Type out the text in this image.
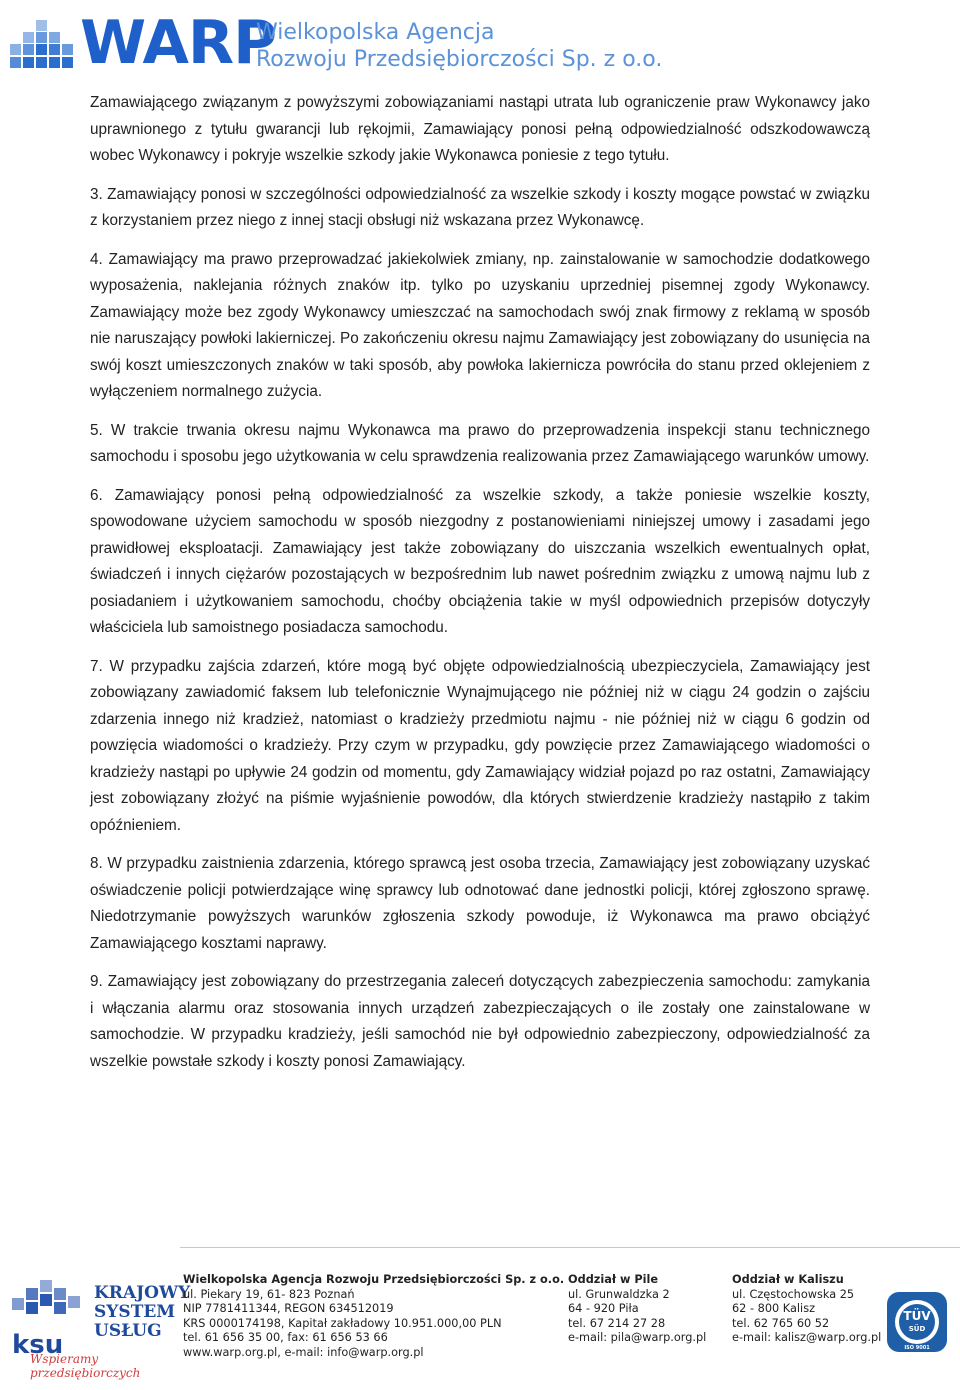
WARP
Wielkopolska Agencja
Rozwoju Przedsiębiorczości Sp. z o.o.

Zamawiającego związanym z powyższymi zobowiązaniami nastąpi utrata lub ograniczenie praw Wykonawcy jako uprawnionego z tytułu gwarancji lub rękojmii, Zamawiający ponosi pełną odpowiedzialność odszkodowawczą wobec Wykonawcy i pokryje wszelkie szkody jakie Wykonawca poniesie z tego tytułu.

3. Zamawiający ponosi w szczególności odpowiedzialność za wszelkie szkody i koszty mogące powstać w związku z korzystaniem przez niego z innej stacji obsługi niż wskazana przez Wykonawcę.

4. Zamawiający ma prawo przeprowadzać jakiekolwiek zmiany, np. zainstalowanie w samochodzie dodatkowego wyposażenia, naklejania różnych znaków itp. tylko po uzyskaniu uprzedniej pisemnej zgody Wykonawcy. Zamawiający może bez zgody Wykonawcy umieszczać na samochodach swój znak firmowy z reklamą w sposób nie naruszający powłoki lakierniczej. Po zakończeniu okresu najmu Zamawiający jest zobowiązany do usunięcia na swój koszt umieszczonych znaków w taki sposób, aby powłoka lakiernicza powróciła do stanu przed oklejeniem z wyłączeniem normalnego zużycia.

5. W trakcie trwania okresu najmu Wykonawca ma prawo do przeprowadzenia inspekcji stanu technicznego samochodu i sposobu jego użytkowania w celu sprawdzenia realizowania przez Zamawiającego warunków umowy.

6. Zamawiający ponosi pełną odpowiedzialność za wszelkie szkody, a także poniesie wszelkie koszty, spowodowane użyciem samochodu w sposób niezgodny z postanowieniami niniejszej umowy i zasadami jego prawidłowej eksploatacji. Zamawiający jest także zobowiązany do uiszczania wszelkich ewentualnych opłat, świadczeń i innych ciężarów pozostających w bezpośrednim lub nawet pośrednim związku z umową najmu lub z posiadaniem i użytkowaniem samochodu, choćby obciążenia takie w myśl odpowiednich przepisów dotyczyły właściciela lub samoistnego posiadacza samochodu.

7. W przypadku zajścia zdarzeń, które mogą być objęte odpowiedzialnością ubezpieczyciela, Zamawiający jest zobowiązany zawiadomić faksem lub telefonicznie Wynajmującego nie później niż w ciągu 24 godzin o zajściu zdarzenia innego niż kradzież, natomiast o kradzieży przedmiotu najmu - nie później niż w ciągu 6 godzin od powzięcia wiadomości o kradzieży. Przy czym w przypadku, gdy powzięcie przez Zamawiającego wiadomości o kradzieży nastąpi po upływie 24 godzin od momentu, gdy Zamawiający widział pojazd po raz ostatni, Zamawiający jest zobowiązany złożyć na piśmie wyjaśnienie powodów, dla których stwierdzenie kradzieży nastąpiło z takim opóźnieniem.

8. W przypadku zaistnienia zdarzenia, którego sprawcą jest osoba trzecia, Zamawiający jest zobowiązany uzyskać oświadczenie policji potwierdzające winę sprawcy lub odnotować dane jednostki policji, której zgłoszono sprawę. Niedotrzymanie powyższych warunków zgłoszenia szkody powoduje, iż Wykonawca ma prawo obciążyć Zamawiającego kosztami naprawy.

9. Zamawiający jest zobowiązany do przestrzegania zaleceń dotyczących zabezpieczenia samochodu: zamykania i włączania alarmu oraz stosowania innych urządzeń zabezpieczających o ile zostały one zainstalowane w samochodzie. W przypadku kradzieży, jeśli samochód nie był odpowiednio zabezpieczony, odpowiedzialność za wszelkie powstałe szkody i koszty ponosi Zamawiający.

KRAJOWY
SYSTEM
USŁUG
ksu
Wspieramy przedsiębiorczych
Wielkopolska Agencja Rozwoju Przedsiębiorczości Sp. z o.o.
ul. Piekary 19, 61- 823 Poznań
NIP 7781411344, REGON 634512019
KRS 0000174198, Kapitał zakładowy 10.951.000,00 PLN
tel. 61 656 35 00, fax: 61 656 53 66
www.warp.org.pl, e-mail: info@warp.org.pl
Oddział w Pile
ul. Grunwaldzka 2
64 - 920 Piła
tel. 67 214 27 28
e-mail: pila@warp.org.pl
Oddział w Kaliszu
ul. Częstochowska 25
62 - 800 Kalisz
tel. 62 765 60 52
e-mail: kalisz@warp.org.pl
TÜV
SÜD
ISO 9001
